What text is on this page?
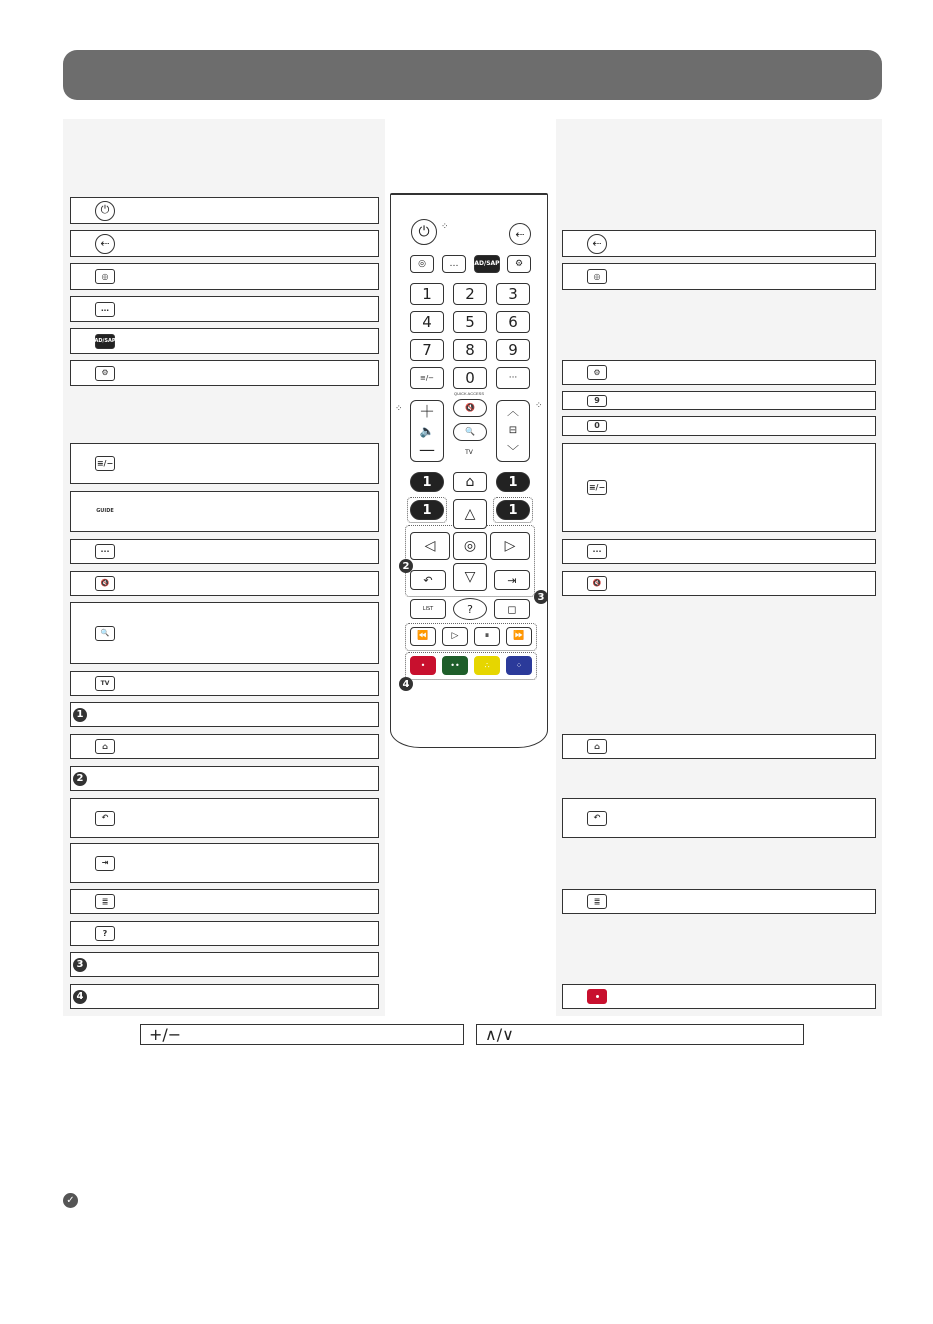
⏻
⇠
◎
…
AD/SAP
⚙
≡/−
GUIDE
···
🔇
🔍
TV
1
⌂
2
↶
⇥
≣
?
3
4
⇠
◎
⚙
9
0
≡/−
···
🔇
⌂
↶
≣
⏻	⁘
⇠
◎	…	AD/SAP	⚙
1	2	3
4	5	6
7	8	9
≡/−	0	···
QUICK ACCESS
＋
🔈
—
⁘	🔇
🔍
TV
︿
⊟
﹀
⁘
1	⌂	1
1	1
△
◁	◎	▷
▽
↶	⇥
2
LIST	?	◻
3
⏪	▷	⏸	⏩
•	••	∴	⁘
4
+/−	∧/∨
✓
